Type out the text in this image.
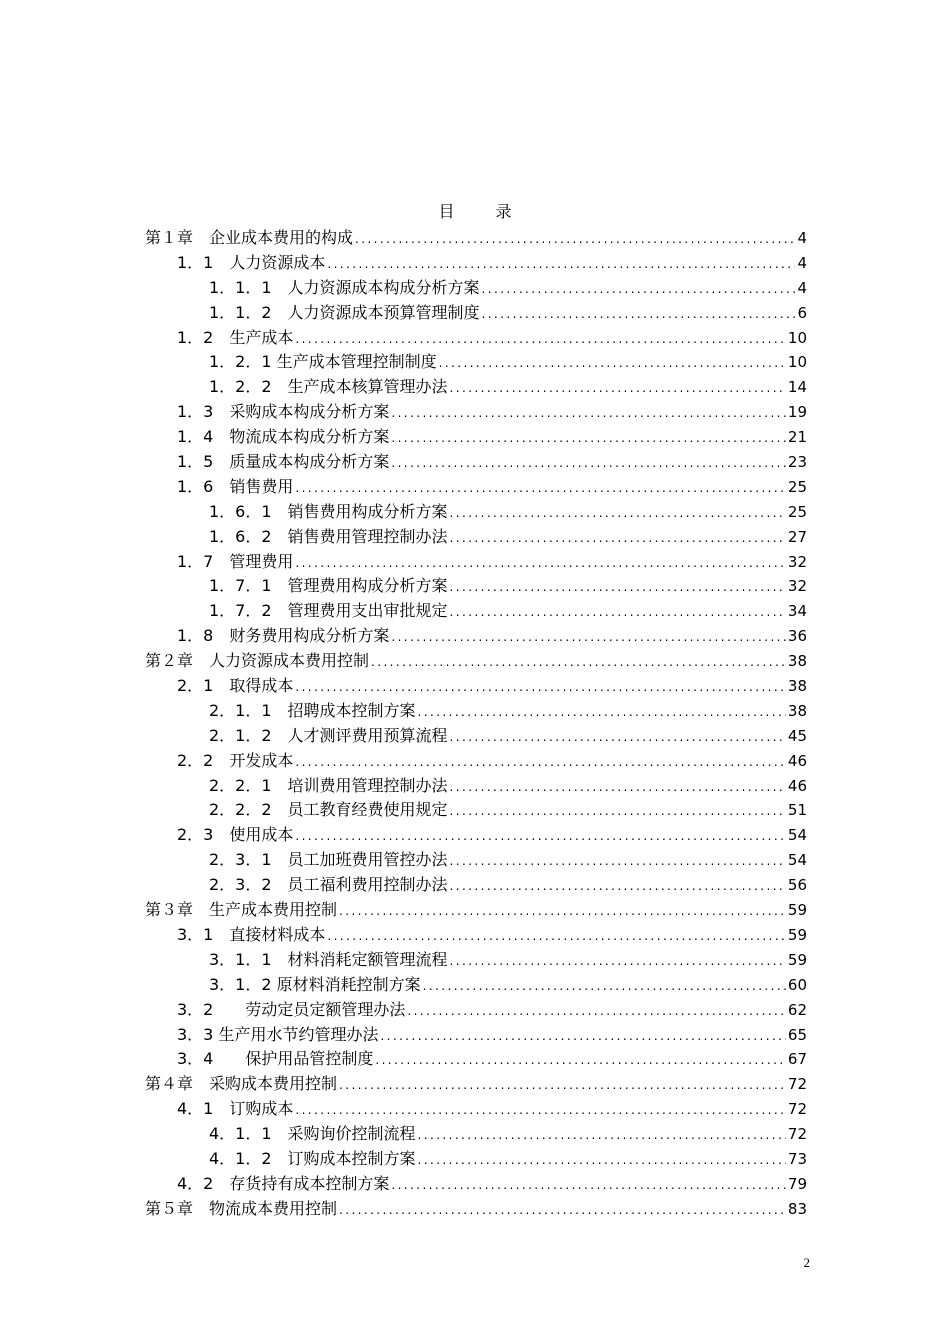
目 录
第１章　企业成本费用的构成 .....	4
1．1　人力资源成本 .....	4
1．1．1　人力资源成本构成分析方案 .....	4
1．1．2　人力资源成本预算管理制度 .....	6
1．2　生产成本 .....	10
1．2．1 生产成本管理控制制度 .....	10
1．2．2　生产成本核算管理办法 .....	14
1．3　采购成本构成分析方案 .....	19
1．4　物流成本构成分析方案 .....	21
1．5　质量成本构成分析方案 .....	23
1．6　销售费用 .....	25
1．6．1　销售费用构成分析方案 .....	25
1．6．2　销售费用管理控制办法 .....	27
1．7　管理费用 .....	32
1．7．1　管理费用构成分析方案 .....	32
1．7．2　管理费用支出审批规定 .....	34
1．8　财务费用构成分析方案 .....	36
第２章　人力资源成本费用控制 .....	38
2．1　取得成本 .....	38
2．1．1　招聘成本控制方案 .....	38
2．1．2　人才测评费用预算流程 .....	45
2．2　开发成本 .....	46
2．2．1　培训费用管理控制办法 .....	46
2．2．2　员工教育经费使用规定 .....	51
2．3　使用成本 .....	54
2．3．1　员工加班费用管控办法 .....	54
2．3．2　员工福利费用控制办法 .....	56
第３章　生产成本费用控制 .....	59
3．1　直接材料成本 .....	59
3．1．1　材料消耗定额管理流程 .....	59
3．1．2 原材料消耗控制方案 .....	60
3．2　　劳动定员定额管理办法 .....	62
3．3 生产用水节约管理办法 .....	65
3．4　　保护用品管控制度 .....	67
第４章　采购成本费用控制 .....	72
4．1　订购成本 .....	72
4．1．1　采购询价控制流程 .....	72
4．1．2　订购成本控制方案 .....	73
4．2　存货持有成本控制方案 .....	79
第５章　物流成本费用控制 .....	83
2
